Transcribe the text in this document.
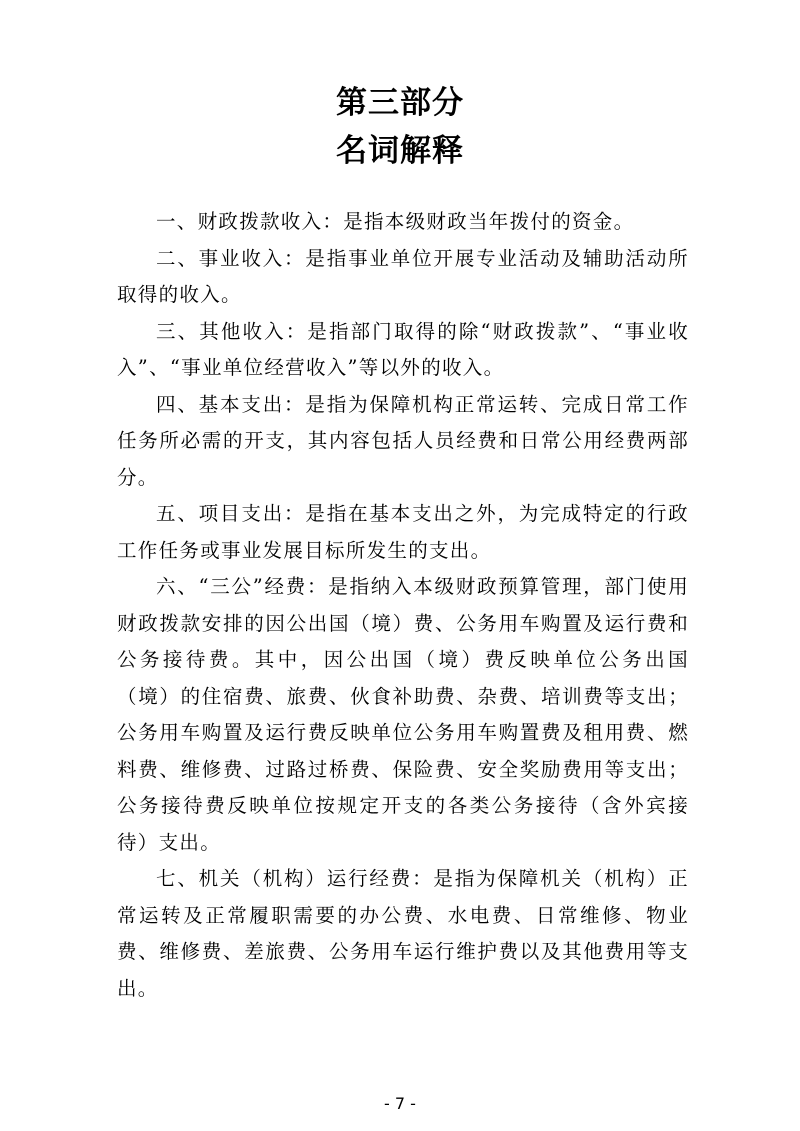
第三部分
名词解释

一、财政拨款收入：是指本级财政当年拨付的资金。

二、事业收入：是指事业单位开展专业活动及辅助活动所取得的收入。

三、其他收入：是指部门取得的除“财政拨款”、“事业收入”、“事业单位经营收入”等以外的收入。

四、基本支出：是指为保障机构正常运转、完成日常工作任务所必需的开支，其内容包括人员经费和日常公用经费两部分。

五、项目支出：是指在基本支出之外，为完成特定的行政工作任务或事业发展目标所发生的支出。

六、“三公”经费：是指纳入本级财政预算管理，部门使用财政拨款安排的因公出国（境）费、公务用车购置及运行费和公务接待费。其中，因公出国（境）费反映单位公务出国（境）的住宿费、旅费、伙食补助费、杂费、培训费等支出；公务用车购置及运行费反映单位公务用车购置费及租用费、燃料费、维修费、过路过桥费、保险费、安全奖励费用等支出；公务接待费反映单位按规定开支的各类公务接待（含外宾接待）支出。

七、机关（机构）运行经费：是指为保障机关（机构）正常运转及正常履职需要的办公费、水电费、日常维修、物业费、维修费、差旅费、公务用车运行维护费以及其他费用等支出。

- 7 -
